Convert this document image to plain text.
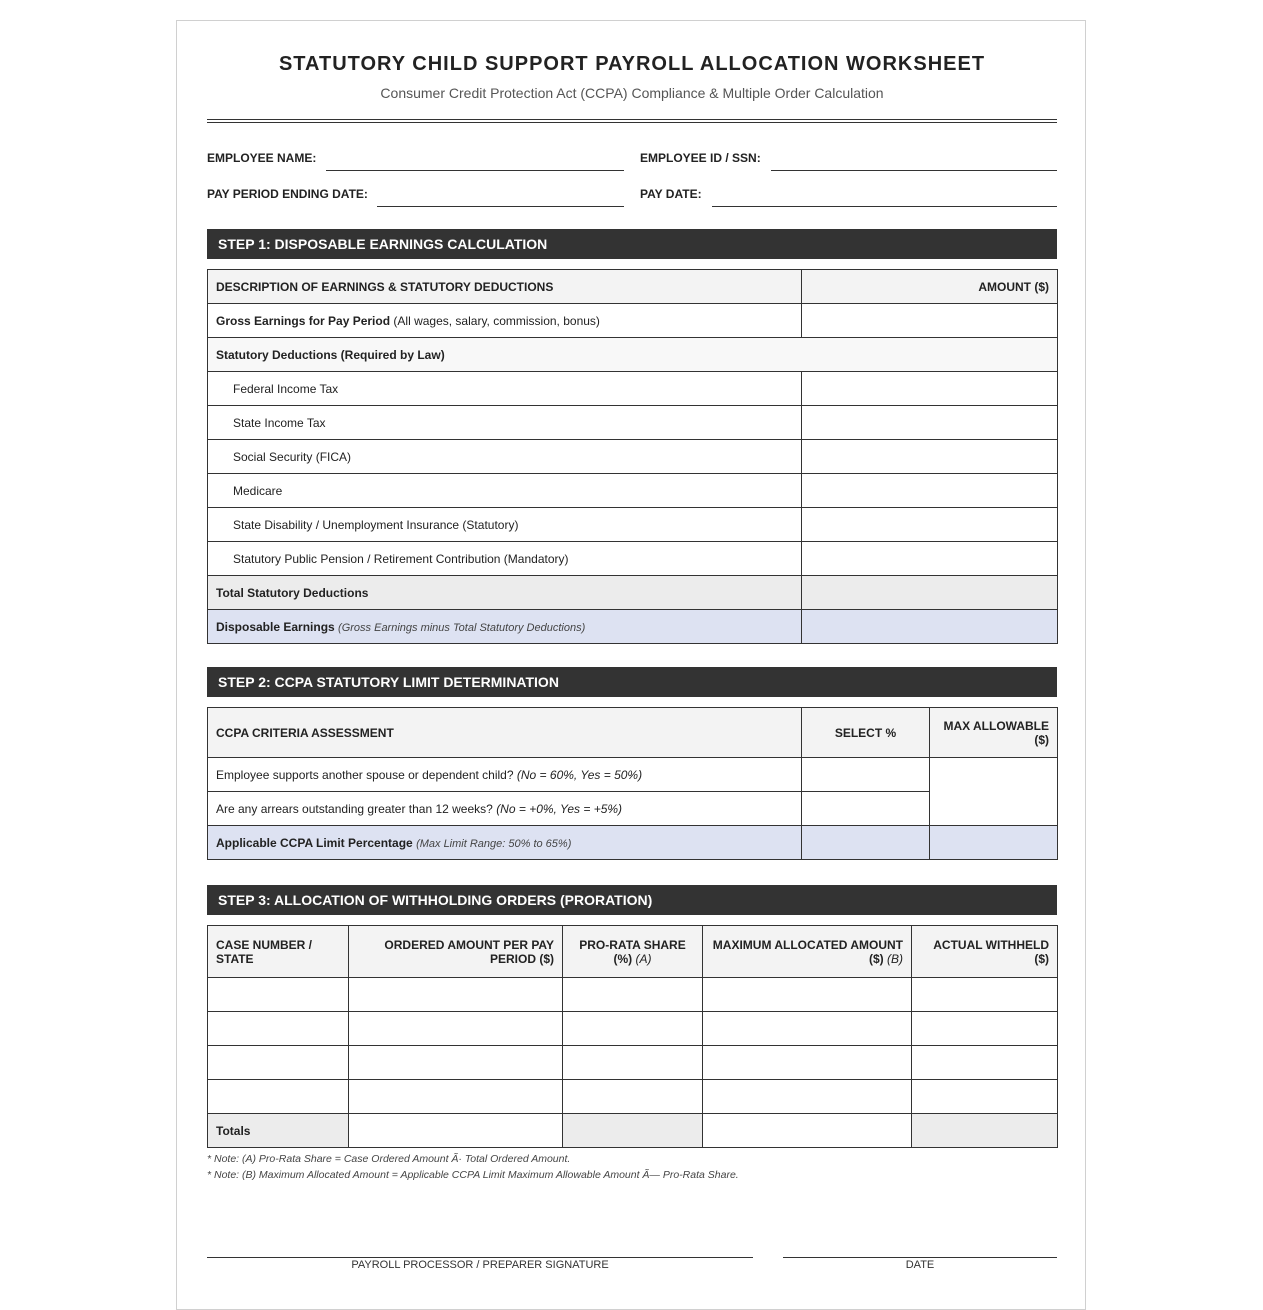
STATUTORY CHILD SUPPORT PAYROLL ALLOCATION WORKSHEET
Consumer Credit Protection Act (CCPA) Compliance & Multiple Order Calculation
EMPLOYEE NAME:	EMPLOYEE ID / SSN:
PAY PERIOD ENDING DATE:	PAY DATE:
STEP 1: DISPOSABLE EARNINGS CALCULATION
DESCRIPTION OF EARNINGS & STATUTORY DEDUCTIONS	AMOUNT ($)
Gross Earnings for Pay Period (All wages, salary, commission, bonus)	
Statutory Deductions (Required by Law)	
Federal Income Tax	
State Income Tax	
Social Security (FICA)	
Medicare	
State Disability / Unemployment Insurance (Statutory)	
Statutory Public Pension / Retirement Contribution (Mandatory)	
Total Statutory Deductions	
Disposable Earnings (Gross Earnings minus Total Statutory Deductions)	
STEP 2: CCPA STATUTORY LIMIT DETERMINATION
CCPA CRITERIA ASSESSMENT	SELECT %	MAX ALLOWABLE ($)
Employee supports another spouse or dependent child? (No = 60%, Yes = 50%)		
Are any arrears outstanding greater than 12 weeks? (No = +0%, Yes = +5%)		
Applicable CCPA Limit Percentage (Max Limit Range: 50% to 65%)		
STEP 3: ALLOCATION OF WITHHOLDING ORDERS (PRORATION)
CASE NUMBER / STATE	ORDERED AMOUNT PER PAY PERIOD ($)	PRO-RATA SHARE (%) (A)	MAXIMUM ALLOCATED AMOUNT ($) (B)	ACTUAL WITHHELD ($)

Totals				
* Note: (A) Pro-Rata Share = Case Ordered Amount Ã· Total Ordered Amount.
* Note: (B) Maximum Allocated Amount = Applicable CCPA Limit Maximum Allowable Amount Ã— Pro-Rata Share.
PAYROLL PROCESSOR / PREPARER SIGNATURE	DATE
